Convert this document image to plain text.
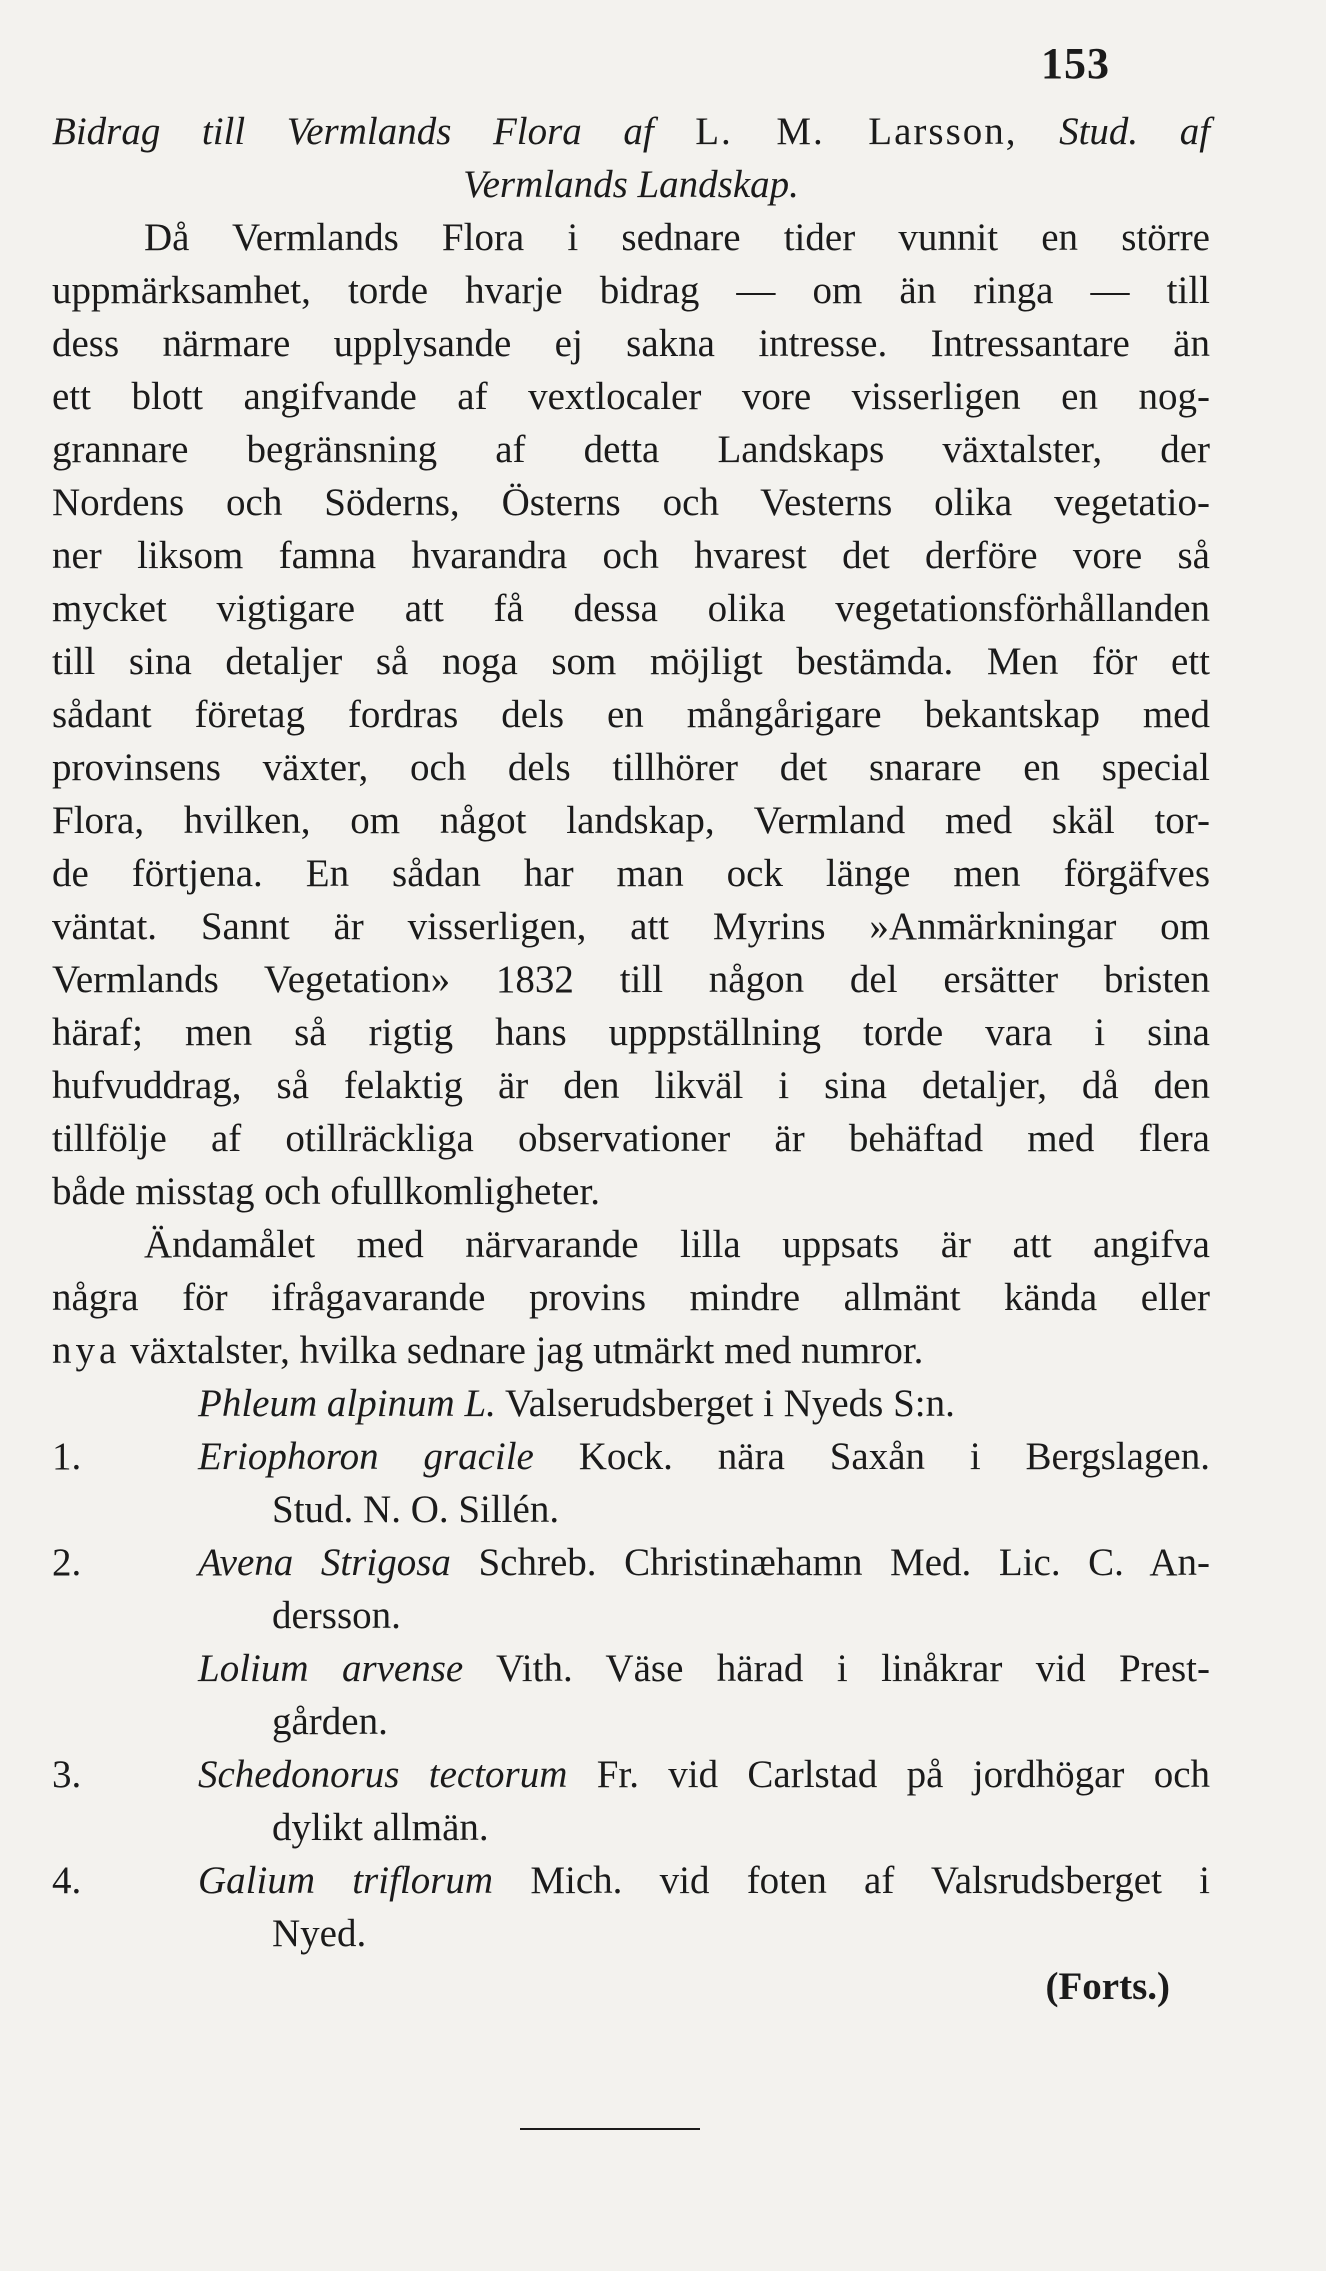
153
Bidrag till Vermlands Flora af L. M. Larsson, Stud. af
Vermlands Landskap.
Då Vermlands Flora i sednare tider vunnit en större
uppmärksamhet, torde hvarje bidrag — om än ringa — till
dess närmare upplysande ej sakna intresse. Intressantare än
ett blott angifvande af vextlocaler vore visserligen en nog-
grannare begränsning af detta Landskaps växtalster, der
Nordens och Söderns, Österns och Vesterns olika vegetatio-
ner liksom famna hvarandra och hvarest det derföre vore så
mycket vigtigare att få dessa olika vegetationsförhållanden
till sina detaljer så noga som möjligt bestämda. Men för ett
sådant företag fordras dels en mångårigare bekantskap med
provinsens växter, och dels tillhörer det snarare en special
Flora, hvilken, om något landskap, Vermland med skäl tor-
de förtjena. En sådan har man ock länge men förgäfves
väntat. Sannt är visserligen, att Myrins »Anmärkningar om
Vermlands Vegetation» 1832 till någon del ersätter bristen
häraf; men så rigtig hans upppställning torde vara i sina
hufvuddrag, så felaktig är den likväl i sina detaljer, då den
tillfölje af otillräckliga observationer är behäftad med flera
både misstag och ofullkomligheter.
Ändamålet med närvarande lilla uppsats är att angifva
några för ifrågavarande provins mindre allmänt kända eller
nya växtalster, hvilka sednare jag utmärkt med numror.
Phleum alpinum L. Valserudsberget i Nyeds S:n.
1.	Eriophoron gracile Kock. nära Saxån i Bergslagen.
Stud. N. O. Sillén.
2.	Avena Strigosa Schreb. Christinæhamn Med. Lic. C. An-
dersson.
Lolium arvense Vith. Väse härad i linåkrar vid Prest-
gården.
3.	Schedonorus tectorum Fr. vid Carlstad på jordhögar och
dylikt allmän.
4.	Galium triflorum Mich. vid foten af Valsrudsberget i
Nyed.
(Forts.)
